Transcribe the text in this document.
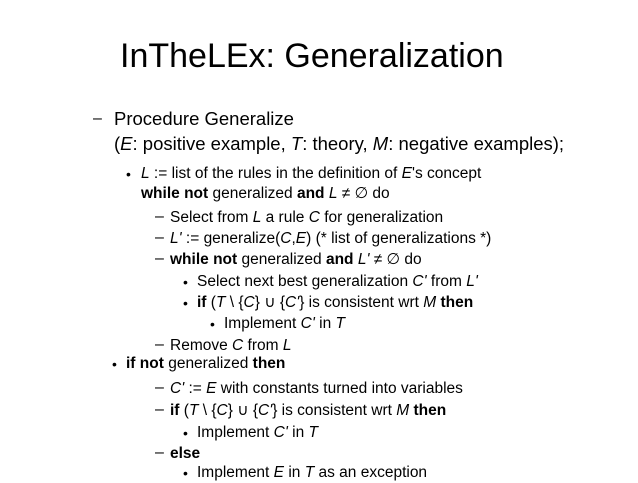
InTheLEx: Generalization
– Procedure Generalize
(E: positive example, T: theory, M: negative examples);
• L := list of the rules in the definition of E's concept
while not generalized and L ≠ ∅ do
– Select from L a rule C for generalization
– L' := generalize(C,E) (* list of generalizations *)
– while not generalized and L' ≠ ∅ do
• Select next best generalization C' from L'
• if (T \ {C} ∪ {C'} is consistent wrt M then
• Implement C' in T
– Remove C from L
• if not generalized then
– C' := E with constants turned into variables
– if (T \ {C} ∪ {C'} is consistent wrt M then
• Implement C' in T
– else
• Implement E in T as an exception
